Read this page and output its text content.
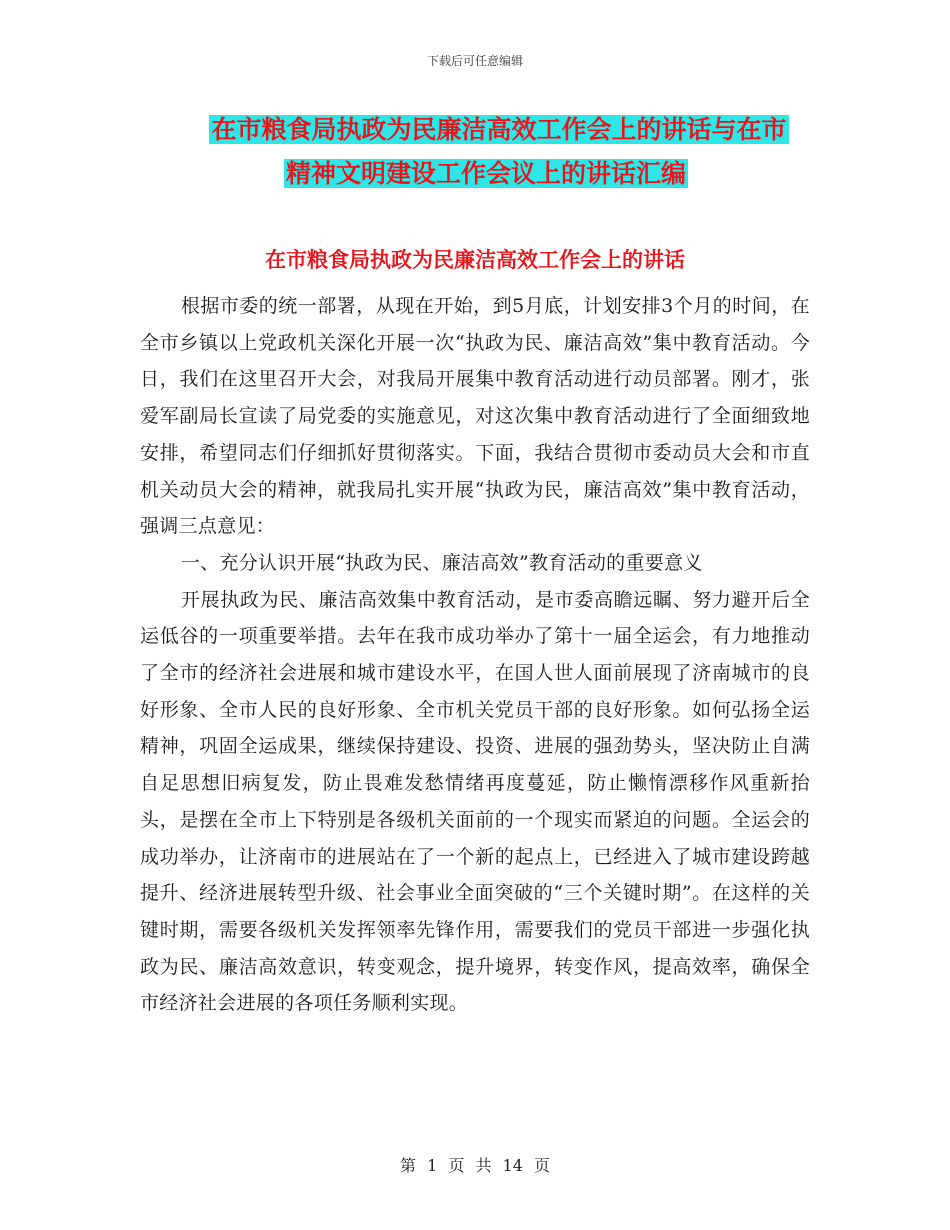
下载后可任意编辑
在市粮食局执政为民廉洁高效工作会上的讲话与在市
精神文明建设工作会议上的讲话汇编
在市粮食局执政为民廉洁高效工作会上的讲话

根据市委的统一部署，从现在开始，到5月底，计划安排3个月的时间，在全市乡镇以上党政机关深化开展一次“执政为民、廉洁高效”集中教育活动。今日，我们在这里召开大会，对我局开展集中教育活动进行动员部署。刚才，张爱军副局长宣读了局党委的实施意见，对这次集中教育活动进行了全面细致地安排，希望同志们仔细抓好贯彻落实。下面，我结合贯彻市委动员大会和市直机关动员大会的精神，就我局扎实开展“执政为民，廉洁高效”集中教育活动，强调三点意见：

一、充分认识开展“执政为民、廉洁高效”教育活动的重要意义

开展执政为民、廉洁高效集中教育活动，是市委高瞻远瞩、努力避开后全运低谷的一项重要举措。去年在我市成功举办了第十一届全运会，有力地推动了全市的经济社会进展和城市建设水平，在国人世人面前展现了济南城市的良好形象、全市人民的良好形象、全市机关党员干部的良好形象。如何弘扬全运精神，巩固全运成果，继续保持建设、投资、进展的强劲势头，坚决防止自满自足思想旧病复发，防止畏难发愁情绪再度蔓延，防止懒惰漂移作风重新抬头，是摆在全市上下特别是各级机关面前的一个现实而紧迫的问题。全运会的成功举办，让济南市的进展站在了一个新的起点上，已经进入了城市建设跨越提升、经济进展转型升级、社会事业全面突破的“三个关键时期”。在这样的关键时期，需要各级机关发挥领率先锋作用，需要我们的党员干部进一步强化执政为民、廉洁高效意识，转变观念，提升境界，转变作风，提高效率，确保全市经济社会进展的各项任务顺利实现。

第 1 页 共 14 页
